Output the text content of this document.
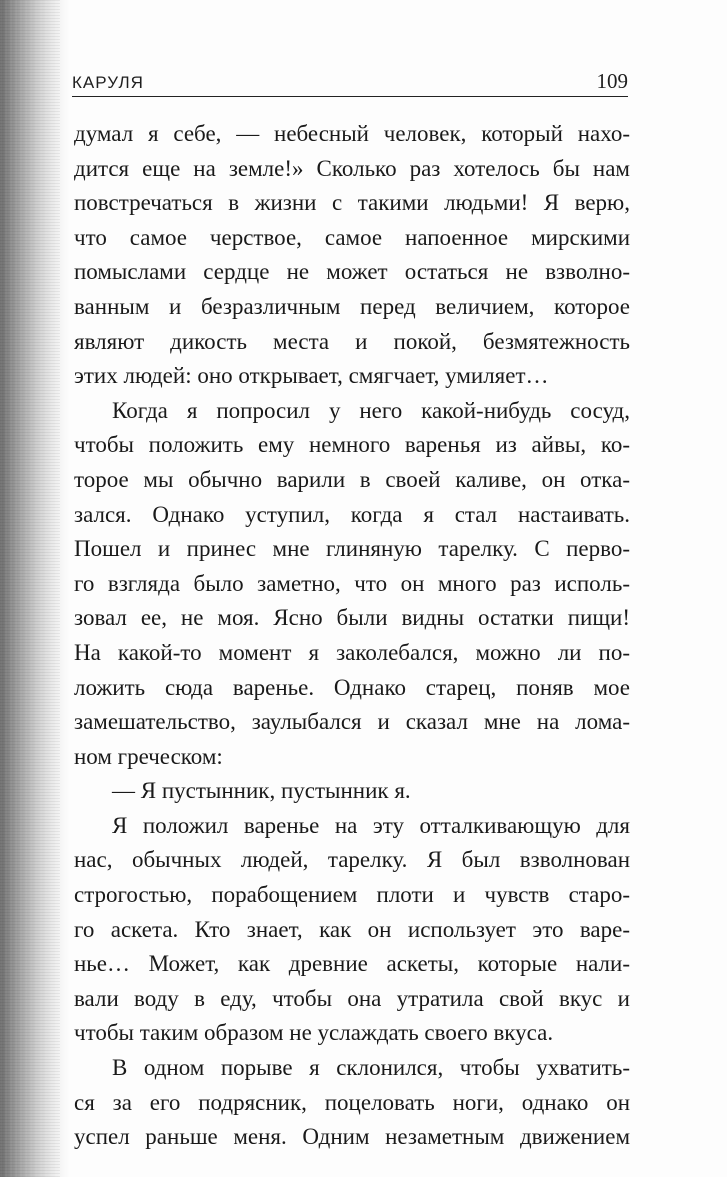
КАРУЛЯ	109
думал я себе, — небесный человек, который нахо-
дится еще на земле!» Сколько раз хотелось бы нам
повстречаться в жизни с такими людьми! Я верю,
что самое черствое, самое напоенное мирскими
помыслами сердце не может остаться не взволно-
ванным и безразличным перед величием, которое
являют дикость места и покой, безмятежность
этих людей: оно открывает, смягчает, умиляет…
Когда я попросил у него какой-нибудь сосуд,
чтобы положить ему немного варенья из айвы, ко-
торое мы обычно варили в своей каливе, он отка-
зался. Однако уступил, когда я стал настаивать.
Пошел и принес мне глиняную тарелку. С перво-
го взгляда было заметно, что он много раз исполь-
зовал ее, не моя. Ясно были видны остатки пищи!
На какой-то момент я заколебался, можно ли по-
ложить сюда варенье. Однако старец, поняв мое
замешательство, заулыбался и сказал мне на лома-
ном греческом:
— Я пустынник, пустынник я.
Я положил варенье на эту отталкивающую для
нас, обычных людей, тарелку. Я был взволнован
строгостью, порабощением плоти и чувств старо-
го аскета. Кто знает, как он использует это варе-
нье… Может, как древние аскеты, которые нали-
вали воду в еду, чтобы она утратила свой вкус и
чтобы таким образом не услаждать своего вкуса.
В одном порыве я склонился, чтобы ухватить-
ся за его подрясник, поцеловать ноги, однако он
успел раньше меня. Одним незаметным движением
